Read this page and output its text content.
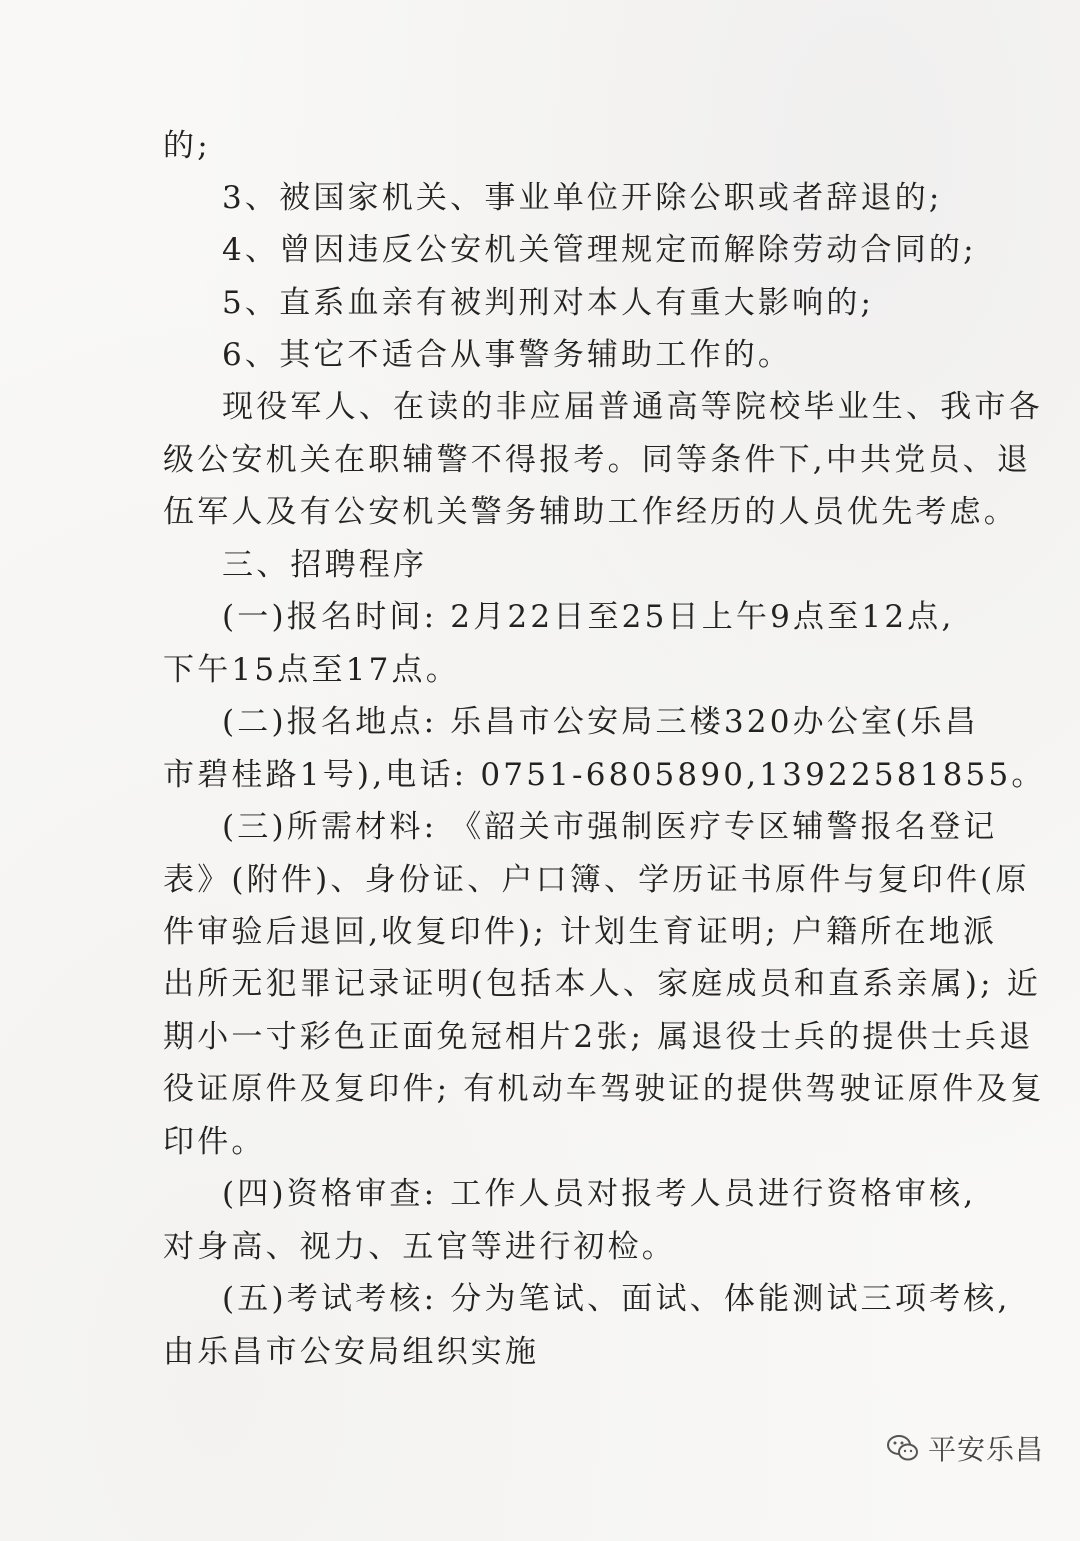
的;
3、被国家机关、事业单位开除公职或者辞退的;
4、曾因违反公安机关管理规定而解除劳动合同的;
5、直系血亲有被判刑对本人有重大影响的;
6、其它不适合从事警务辅助工作的。
现役军人、在读的非应届普通高等院校毕业生、我市各
级公安机关在职辅警不得报考。同等条件下,中共党员、退
伍军人及有公安机关警务辅助工作经历的人员优先考虑。
三、招聘程序
(一)报名时间: 2月22日至25日上午9点至12点,
下午15点至17点。
(二)报名地点: 乐昌市公安局三楼320办公室(乐昌
市碧桂路1号),电话: 0751-6805890,13922581855。
(三)所需材料: 《韶关市强制医疗专区辅警报名登记
表》(附件)、身份证、户口簿、学历证书原件与复印件(原
件审验后退回,收复印件); 计划生育证明; 户籍所在地派
出所无犯罪记录证明(包括本人、家庭成员和直系亲属); 近
期小一寸彩色正面免冠相片2张; 属退役士兵的提供士兵退
役证原件及复印件; 有机动车驾驶证的提供驾驶证原件及复
印件。
(四)资格审查: 工作人员对报考人员进行资格审核,
对身高、视力、五官等进行初检。
(五)考试考核: 分为笔试、面试、体能测试三项考核,
由乐昌市公安局组织实施
平安乐昌
